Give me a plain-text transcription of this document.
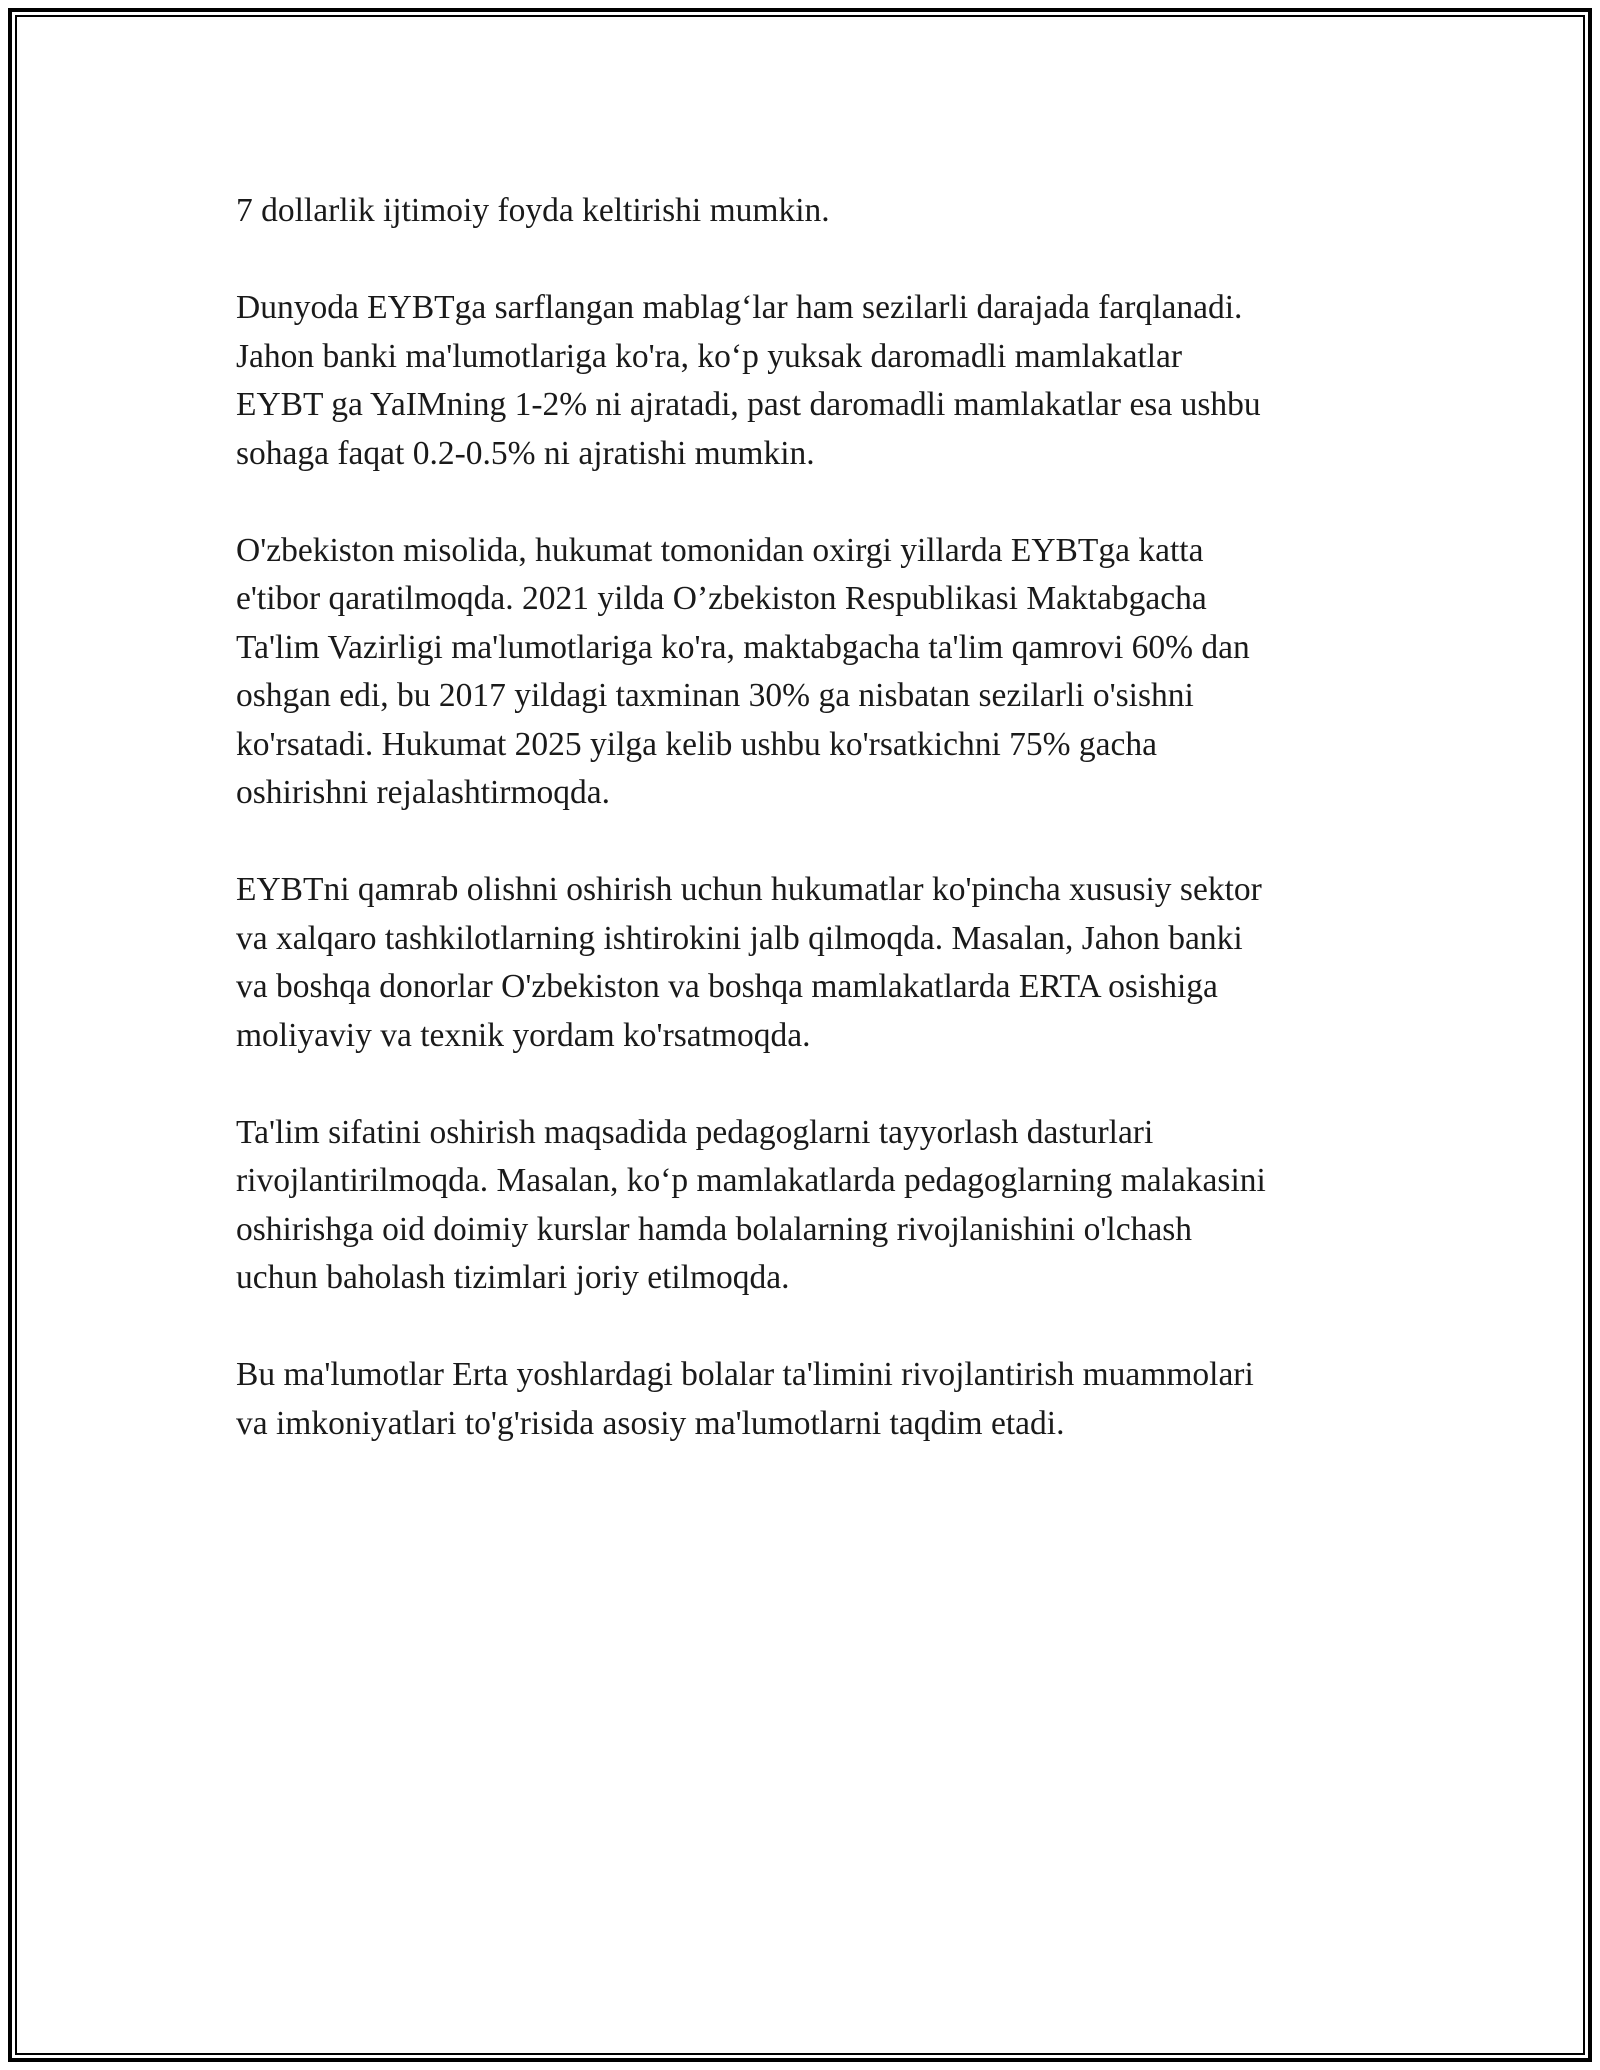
7 dollarlik ijtimoiy foyda keltirishi mumkin.

Dunyoda EYBTga sarflangan mablag‘lar ham sezilarli darajada farqlanadi.
Jahon banki ma'lumotlariga ko'ra, ko‘p yuksak daromadli mamlakatlar
EYBT ga YaIMning 1-2% ni ajratadi, past daromadli mamlakatlar esa ushbu
sohaga faqat 0.2-0.5% ni ajratishi mumkin.

O'zbekiston misolida, hukumat tomonidan oxirgi yillarda EYBTga katta
e'tibor qaratilmoqda. 2021 yilda O’zbekiston Respublikasi Maktabgacha
Ta'lim Vazirligi ma'lumotlariga ko'ra, maktabgacha ta'lim qamrovi 60% dan
oshgan edi, bu 2017 yildagi taxminan 30% ga nisbatan sezilarli o'sishni
ko'rsatadi. Hukumat 2025 yilga kelib ushbu ko'rsatkichni 75% gacha
oshirishni rejalashtirmoqda.

EYBTni qamrab olishni oshirish uchun hukumatlar ko'pincha xususiy sektor
va xalqaro tashkilotlarning ishtirokini jalb qilmoqda. Masalan, Jahon banki
va boshqa donorlar O'zbekiston va boshqa mamlakatlarda ERTA osishiga
moliyaviy va texnik yordam ko'rsatmoqda.

Ta'lim sifatini oshirish maqsadida pedagoglarni tayyorlash dasturlari
rivojlantirilmoqda. Masalan, ko‘p mamlakatlarda pedagoglarning malakasini
oshirishga oid doimiy kurslar hamda bolalarning rivojlanishini o'lchash
uchun baholash tizimlari joriy etilmoqda.

Bu ma'lumotlar Erta yoshlardagi bolalar ta'limini rivojlantirish muammolari
va imkoniyatlari to'g'risida asosiy ma'lumotlarni taqdim etadi.
